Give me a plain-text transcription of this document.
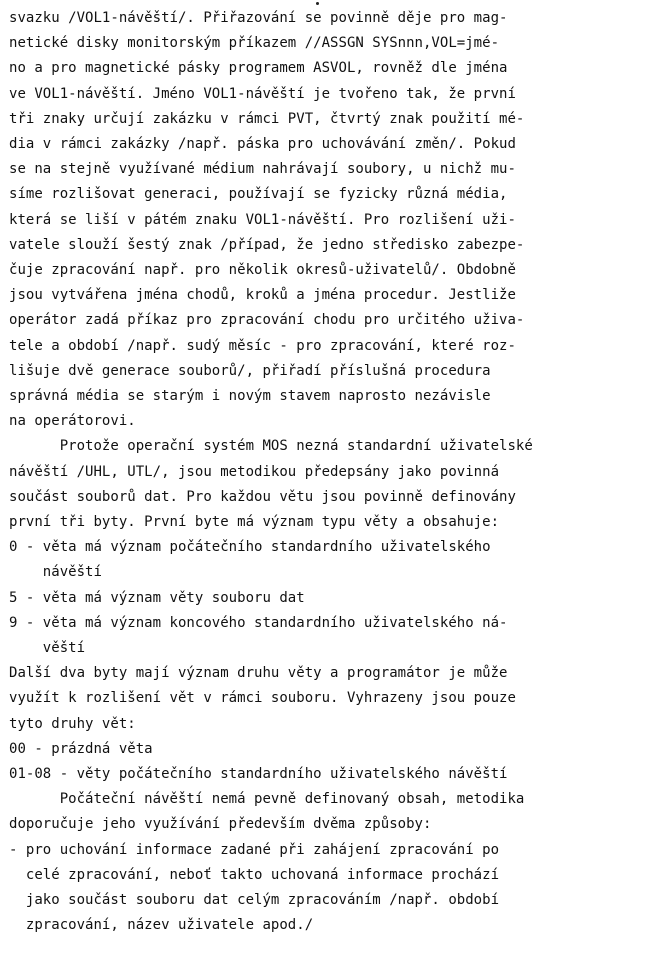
svazku /VOL1-návěští/. Přiřazování se povinně děje pro mag-
netické disky monitorským příkazem //ASSGN SYSnnn,VOL=jmé-
no a pro magnetické pásky programem ASVOL, rovněž dle jména
ve VOL1-návěští. Jméno VOL1-návěští je tvořeno tak, že první
tři znaky určují zakázku v rámci PVT, čtvrtý znak použití mé-
dia v rámci zakázky /např. páska pro uchovávání změn/. Pokud
se na stejně využívané médium nahrávají soubory, u nichž mu-
síme rozlišovat generaci, používají se fyzicky různá média,
která se liší v pátém znaku VOL1-návěští. Pro rozlišení uži-
vatele slouží šestý znak /případ, že jedno středisko zabezpe-
čuje zpracování např. pro několik okresů-uživatelů/. Obdobně
jsou vytvářena jména chodů, kroků a jména procedur. Jestliže
operátor zadá příkaz pro zpracování chodu pro určitého uživa-
tele a období /např. sudý měsíc - pro zpracování, které roz-
lišuje dvě generace souborů/, přiřadí příslušná procedura
správná média se starým i novým stavem naprosto nezávisle
na operátorovi.
Protože operační systém MOS nezná standardní uživatelské
návěští /UHL, UTL/, jsou metodikou předepsány jako povinná
součást souborů dat. Pro každou větu jsou povinně definovány
první tři byty. První byte má význam typu věty a obsahuje:
0 - věta má význam počátečního standardního uživatelského
návěští
5 - věta má význam věty souboru dat
9 - věta má význam koncového standardního uživatelského ná-
věští
Další dva byty mají význam druhu věty a programátor je může
využít k rozlišení vět v rámci souboru. Vyhrazeny jsou pouze
tyto druhy vět:
00 - prázdná věta
01-08 - věty počátečního standardního uživatelského návěští
Počáteční návěští nemá pevně definovaný obsah, metodika
doporučuje jeho využívání především dvěma způsoby:
- pro uchování informace zadané při zahájení zpracování po
celé zpracování, neboť takto uchovaná informace prochází
jako součást souboru dat celým zpracováním /např. období
zpracování, název uživatele apod./
